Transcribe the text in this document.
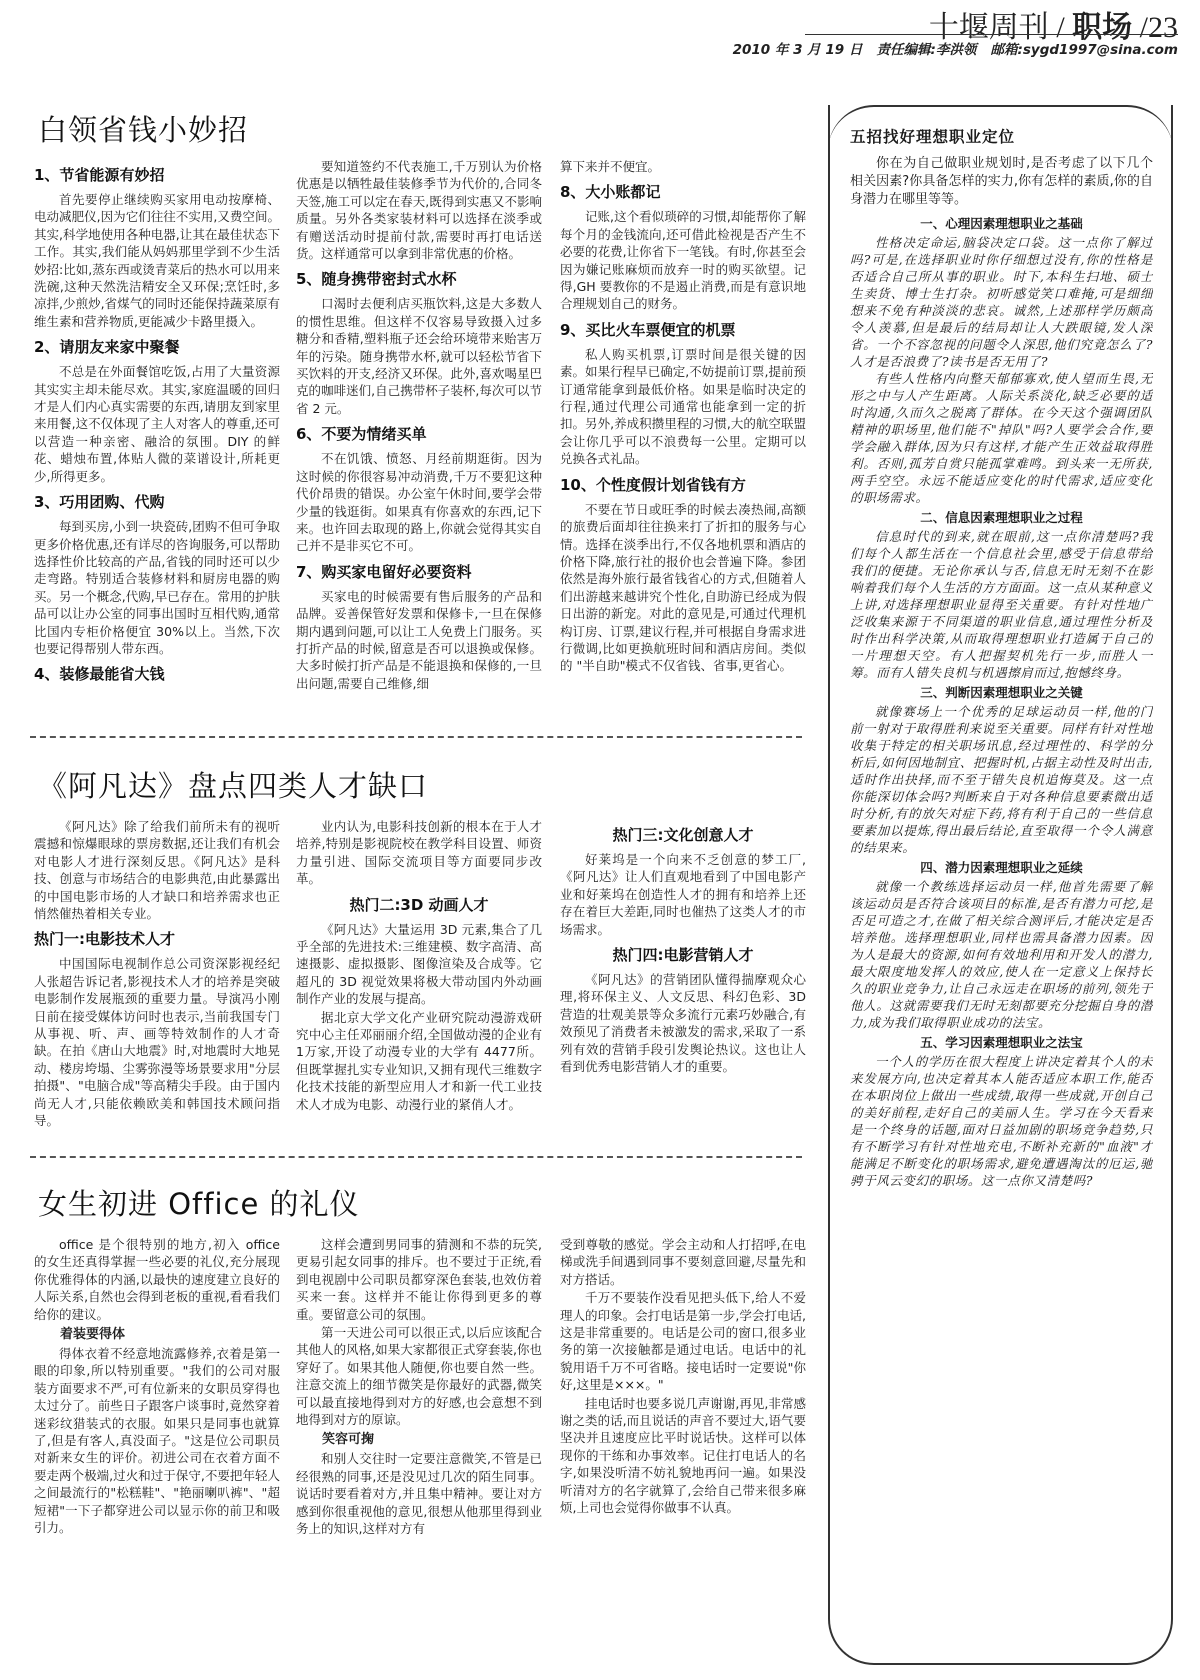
十堰周刊 / 职场 /23
2010 年 3 月 19 日 责任编辑:李洪领 邮箱:sygd1997@sina.com
白领省钱小妙招
1、节省能源有妙招

首先要停止继续购买家用电动按摩椅、电动减肥仪,因为它们往往不实用,又费空间。其实,科学地使用各种电器,让其在最佳状态下工作。其实,我们能从妈妈那里学到不少生活妙招:比如,蒸东西或烫青菜后的热水可以用来洗碗,这种天然洗洁精安全又环保;烹饪时,多凉拌,少煎炒,省煤气的同时还能保持蔬菜原有维生素和营养物质,更能减少卡路里摄入。

2、请朋友来家中聚餐

不总是在外面餐馆吃饭,占用了大量资源其实实主却未能尽欢。其实,家庭温暖的回归才是人们内心真实需要的东西,请朋友到家里来用餐,这不仅体现了主人对客人的尊重,还可以营造一种亲密、融洽的氛围。DIY 的鲜花、蜡烛布置,体贴人微的菜谱设计,所耗更少,所得更多。

3、巧用团购、代购

每到买房,小到一块瓷砖,团购不但可争取更多价格优惠,还有详尽的咨询服务,可以帮助选择性价比较高的产品,省钱的同时还可以少走弯路。特别适合装修材料和厨房电器的购买。另一个概念,代购,早已存在。常用的护肤品可以让办公室的同事出国时互相代购,通常比国内专柜价格便宜 30%以上。当然,下次也要记得帮别人带东西。

4、装修最能省大钱

要知道签约不代表施工,千万别认为价格优惠是以牺牲最佳装修季节为代价的,合同冬天签,施工可以定在春天,既得到实惠又不影响质量。另外各类家装材料可以选择在淡季或有赠送活动时提前付款,需要时再打电话送货。这样通常可以拿到非常优惠的价格。

5、随身携带密封式水杯

口渴时去便利店买瓶饮料,这是大多数人的惯性思维。但这样不仅容易导致摄入过多糖分和香精,塑料瓶子还会给环境带来贻害万年的污染。随身携带水杯,就可以轻松节省下买饮料的开支,经济又环保。此外,喜欢喝星巴克的咖啡迷们,自己携带杯子装杯,每次可以节省 2 元。

6、不要为情绪买单

不在饥饿、愤怒、月经前期逛街。因为这时候的你很容易冲动消费,千万不要犯这种代价昂贵的错误。办公室午休时间,要学会带少量的钱逛街。如果真有你喜欢的东西,记下来。也许回去取现的路上,你就会觉得其实自己并不是非买它不可。

7、购买家电留好必要资料

买家电的时候需要有售后服务的产品和品牌。妥善保管好发票和保修卡,一旦在保修期内遇到问题,可以让工人免费上门服务。买打折产品的时候,留意是否可以退换或保修。大多时候打折产品是不能退换和保修的,一旦出问题,需要自己维修,细

算下来并不便宜。

8、大小账都记

记账,这个看似琐碎的习惯,却能帮你了解每个月的金钱流向,还可借此检视是否产生不必要的花费,让你省下一笔钱。有时,你甚至会因为嫌记账麻烦而放弃一时的购买欲望。记得,GH 要教你的不是遏止消费,而是有意识地合理规划自己的财务。

9、买比火车票便宜的机票

私人购买机票,订票时间是很关键的因素。如果行程早已确定,不妨提前订票,提前预订通常能拿到最低价格。如果是临时决定的行程,通过代理公司通常也能拿到一定的折扣。另外,养成积攒里程的习惯,大的航空联盟会让你几乎可以不浪费每一公里。定期可以兑换各式礼品。

10、个性度假计划省钱有方

不要在节日或旺季的时候去凑热闹,高额的旅费后面却往往换来打了折扣的服务与心情。选择在淡季出行,不仅各地机票和酒店的价格下降,旅行社的报价也会普遍下降。参团依然是海外旅行最省钱省心的方式,但随着人们出游越来越讲究个性化,自助游已经成为假日出游的新宠。对此的意见是,可通过代理机构订房、订票,建议行程,并可根据自身需求进行微调,比如更换航班时间和酒店房间。类似的 "半自助"模式不仅省钱、省事,更省心。

《阿凡达》盘点四类人才缺口

《阿凡达》除了给我们前所未有的视听震撼和惊爆眼球的票房数据,还让我们有机会对电影人才进行深刻反思。《阿凡达》是科技、创意与市场结合的电影典范,由此暴露出的中国电影市场的人才缺口和培养需求也正悄然催热着相关专业。

热门一:电影技术人才

中国国际电视制作总公司资深影视经纪人张超告诉记者,影视技术人才的培养是突破电影制作发展瓶颈的重要力量。导演冯小刚日前在接受媒体访问时也表示,当前我国专门从事视、听、声、画等特效制作的人才奇缺。在拍《唐山大地震》时,对地震时大地晃动、楼房垮塌、尘雾弥漫等场景要求用"分层拍摄"、"电脑合成"等高精尖手段。由于国内尚无人才,只能依赖欧美和韩国技术顾问指导。

业内认为,电影科技创新的根本在于人才培养,特别是影视院校在教学科目设置、师资力量引进、国际交流项目等方面要同步改革。

热门二:3D 动画人才

《阿凡达》大量运用 3D 元素,集合了几乎全部的先进技术:三维建模、数字高清、高速摄影、虚拟摄影、图像渲染及合成等。它超凡的 3D 视觉效果将极大带动国内外动画制作产业的发展与提高。

据北京大学文化产业研究院动漫游戏研究中心主任邓丽丽介绍,全国做动漫的企业有 1万家,开设了动漫专业的大学有 4477所。但既掌握扎实专业知识,又拥有现代三维数字化技术技能的新型应用人才和新一代工业技术人才成为电影、动漫行业的紧俏人才。

热门三:文化创意人才

好莱坞是一个向来不乏创意的梦工厂,《阿凡达》让人们直观地看到了中国电影产业和好莱坞在创造性人才的拥有和培养上还存在着巨大差距,同时也催热了这类人才的市场需求。

热门四:电影营销人才

《阿凡达》的营销团队懂得揣摩观众心理,将环保主义、人文反思、科幻色彩、3D 营造的壮观美景等众多流行元素巧妙融合,有效预见了消费者未被激发的需求,采取了一系列有效的营销手段引发舆论热议。这也让人看到优秀电影营销人才的重要。

女生初进 Office 的礼仪

office 是个很特别的地方,初入 office 的女生还真得掌握一些必要的礼仪,充分展现你优雅得体的内涵,以最快的速度建立良好的人际关系,自然也会得到老板的重视,看看我们给你的建议。

着装要得体

得体衣着不经意地流露修养,衣着是第一眼的印象,所以特别重要。"我们的公司对服装方面要求不严,可有位新来的女职员穿得也太过分了。前些日子跟客户谈事时,竟然穿着迷彩纹猎装式的衣服。如果只是同事也就算了,但是有客人,真没面子。"这是位公司职员对新来女生的评价。初进公司在衣着方面不要走两个极端,过火和过于保守,不要把年轻人之间最流行的"松糕鞋"、"艳丽喇叭裤"、"超短裙"一下子都穿进公司以显示你的前卫和吸引力。

这样会遭到男同事的猜测和不恭的玩笑,更易引起女同事的排斥。也不要过于正统,看到电视剧中公司职员都穿深色套装,也效仿着买来一套。这样并不能让你得到更多的尊重。要留意公司的氛围。

第一天进公司可以很正式,以后应该配合其他人的风格,如果大家都很正式穿套装,你也穿好了。如果其他人随便,你也要自然一些。注意交流上的细节微笑是你最好的武器,微笑可以最直接地得到对方的好感,也会意想不到地得到对方的原谅。

笑容可掬

和别人交往时一定要注意微笑,不管是已经很熟的同事,还是没见过几次的陌生同事。说话时要看着对方,并且集中精神。要让对方感到你很重视他的意见,很想从他那里得到业务上的知识,这样对方有

受到尊敬的感觉。学会主动和人打招呼,在电梯或洗手间遇到同事不要刻意回避,尽量先和对方搭话。

千万不要装作没看见把头低下,给人不爱理人的印象。会打电话是第一步,学会打电话,这是非常重要的。电话是公司的窗口,很多业务的第一次接触都是通过电话。电话中的礼貌用语千万不可省略。接电话时一定要说"你好,这里是×××。"

挂电话时也要多说几声谢谢,再见,非常感谢之类的话,而且说话的声音不要过大,语气要坚决并且速度应比平时说话快。这样可以体现你的干练和办事效率。记住打电话人的名字,如果没听清不妨礼貌地再问一遍。如果没听清对方的名字就算了,会给自己带来很多麻烦,上司也会觉得你做事不认真。

五招找好理想职业定位
你在为自己做职业规划时,是否考虑了以下几个相关因素?你具备怎样的实力,你有怎样的素质,你的自身潜力在哪里等等。
一、心理因素理想职业之基础
性格决定命运,脑袋决定口袋。这一点你了解过吗?可是,在选择职业时你仔细想过没有,你的性格是否适合自己所从事的职业。时下,本科生扫地、硕士生卖货、博士生打杂。初听感觉笑口难掩,可是细细想来不免有种淡淡的悲哀。诚然,上述那样学历颇高令人羡慕,但是最后的结局却让人大跌眼镜,发人深省。一个不容忽视的问题令人深思,他们究竟怎么了?人才是否浪费了?读书是否无用了?
有些人性格内向整天郁郁寡欢,使人望而生畏,无形之中与人产生距离。人际关系淡化,缺乏必要的适时沟通,久而久之脱离了群体。在今天这个强调团队精神的职场里,他们能不"掉队"吗?人要学会合作,要学会融入群体,因为只有这样,才能产生正效益取得胜利。否则,孤芳自赏只能孤掌难鸣。到头来一无所获,两手空空。永远不能适应变化的时代需求,适应变化的职场需求。
二、信息因素理想职业之过程
信息时代的到来,就在眼前,这一点你清楚吗?我们每个人都生活在一个信息社会里,感受于信息带给我们的便捷。无论你承认与否,信息无时无刻不在影响着我们每个人生活的方方面面。这一点从某种意义上讲,对选择理想职业显得至关重要。有针对性地广泛收集来源于不同渠道的职业信息,通过理性分析及时作出科学决策,从而取得理想职业打造属于自己的一片理想天空。有人把握契机先行一步,而胜人一筹。而有人错失良机与机遇擦肩而过,抱憾终身。
三、判断因素理想职业之关键
就像赛场上一个优秀的足球运动员一样,他的门前一射对于取得胜利来说至关重要。同样有针对性地收集于特定的相关职场讯息,经过理性的、科学的分析后,如何因地制宜、把握时机,占据主动性及时出击,适时作出抉择,而不至于错失良机追悔莫及。这一点你能深切体会吗?判断来自于对各种信息要素微出适时分析,有的放矢对症下药,将有利于自己的一些信息要素加以提炼,得出最后结论,直至取得一个令人满意的结果来。
四、潜力因素理想职业之延续
就像一个教练选择运动员一样,他首先需要了解该运动员是否符合该项目的标准,是否有潜力可挖,是否足可造之才,在做了相关综合测评后,才能决定是否培养他。选择理想职业,同样也需具备潜力因素。因为人是最大的资源,如何有效地利用和开发人的潜力,最大限度地发挥人的效应,使人在一定意义上保持长久的职业竞争力,让自己永远走在职场的前列,领先于他人。这就需要我们无时无刻都要充分挖掘自身的潜力,成为我们取得职业成功的法宝。
五、学习因素理想职业之法宝
一个人的学历在很大程度上讲决定着其个人的未来发展方向,也决定着其本人能否适应本职工作,能否在本职岗位上做出一些成绩,取得一些成就,开创自己的美好前程,走好自己的美丽人生。学习在今天看来是一个终身的话题,面对日益加剧的职场竞争趋势,只有不断学习有针对性地充电,不断补充新的"血液"才能满足不断变化的职场需求,避免遭遇淘汰的厄运,驰骋于风云变幻的职场。这一点你又清楚吗?
